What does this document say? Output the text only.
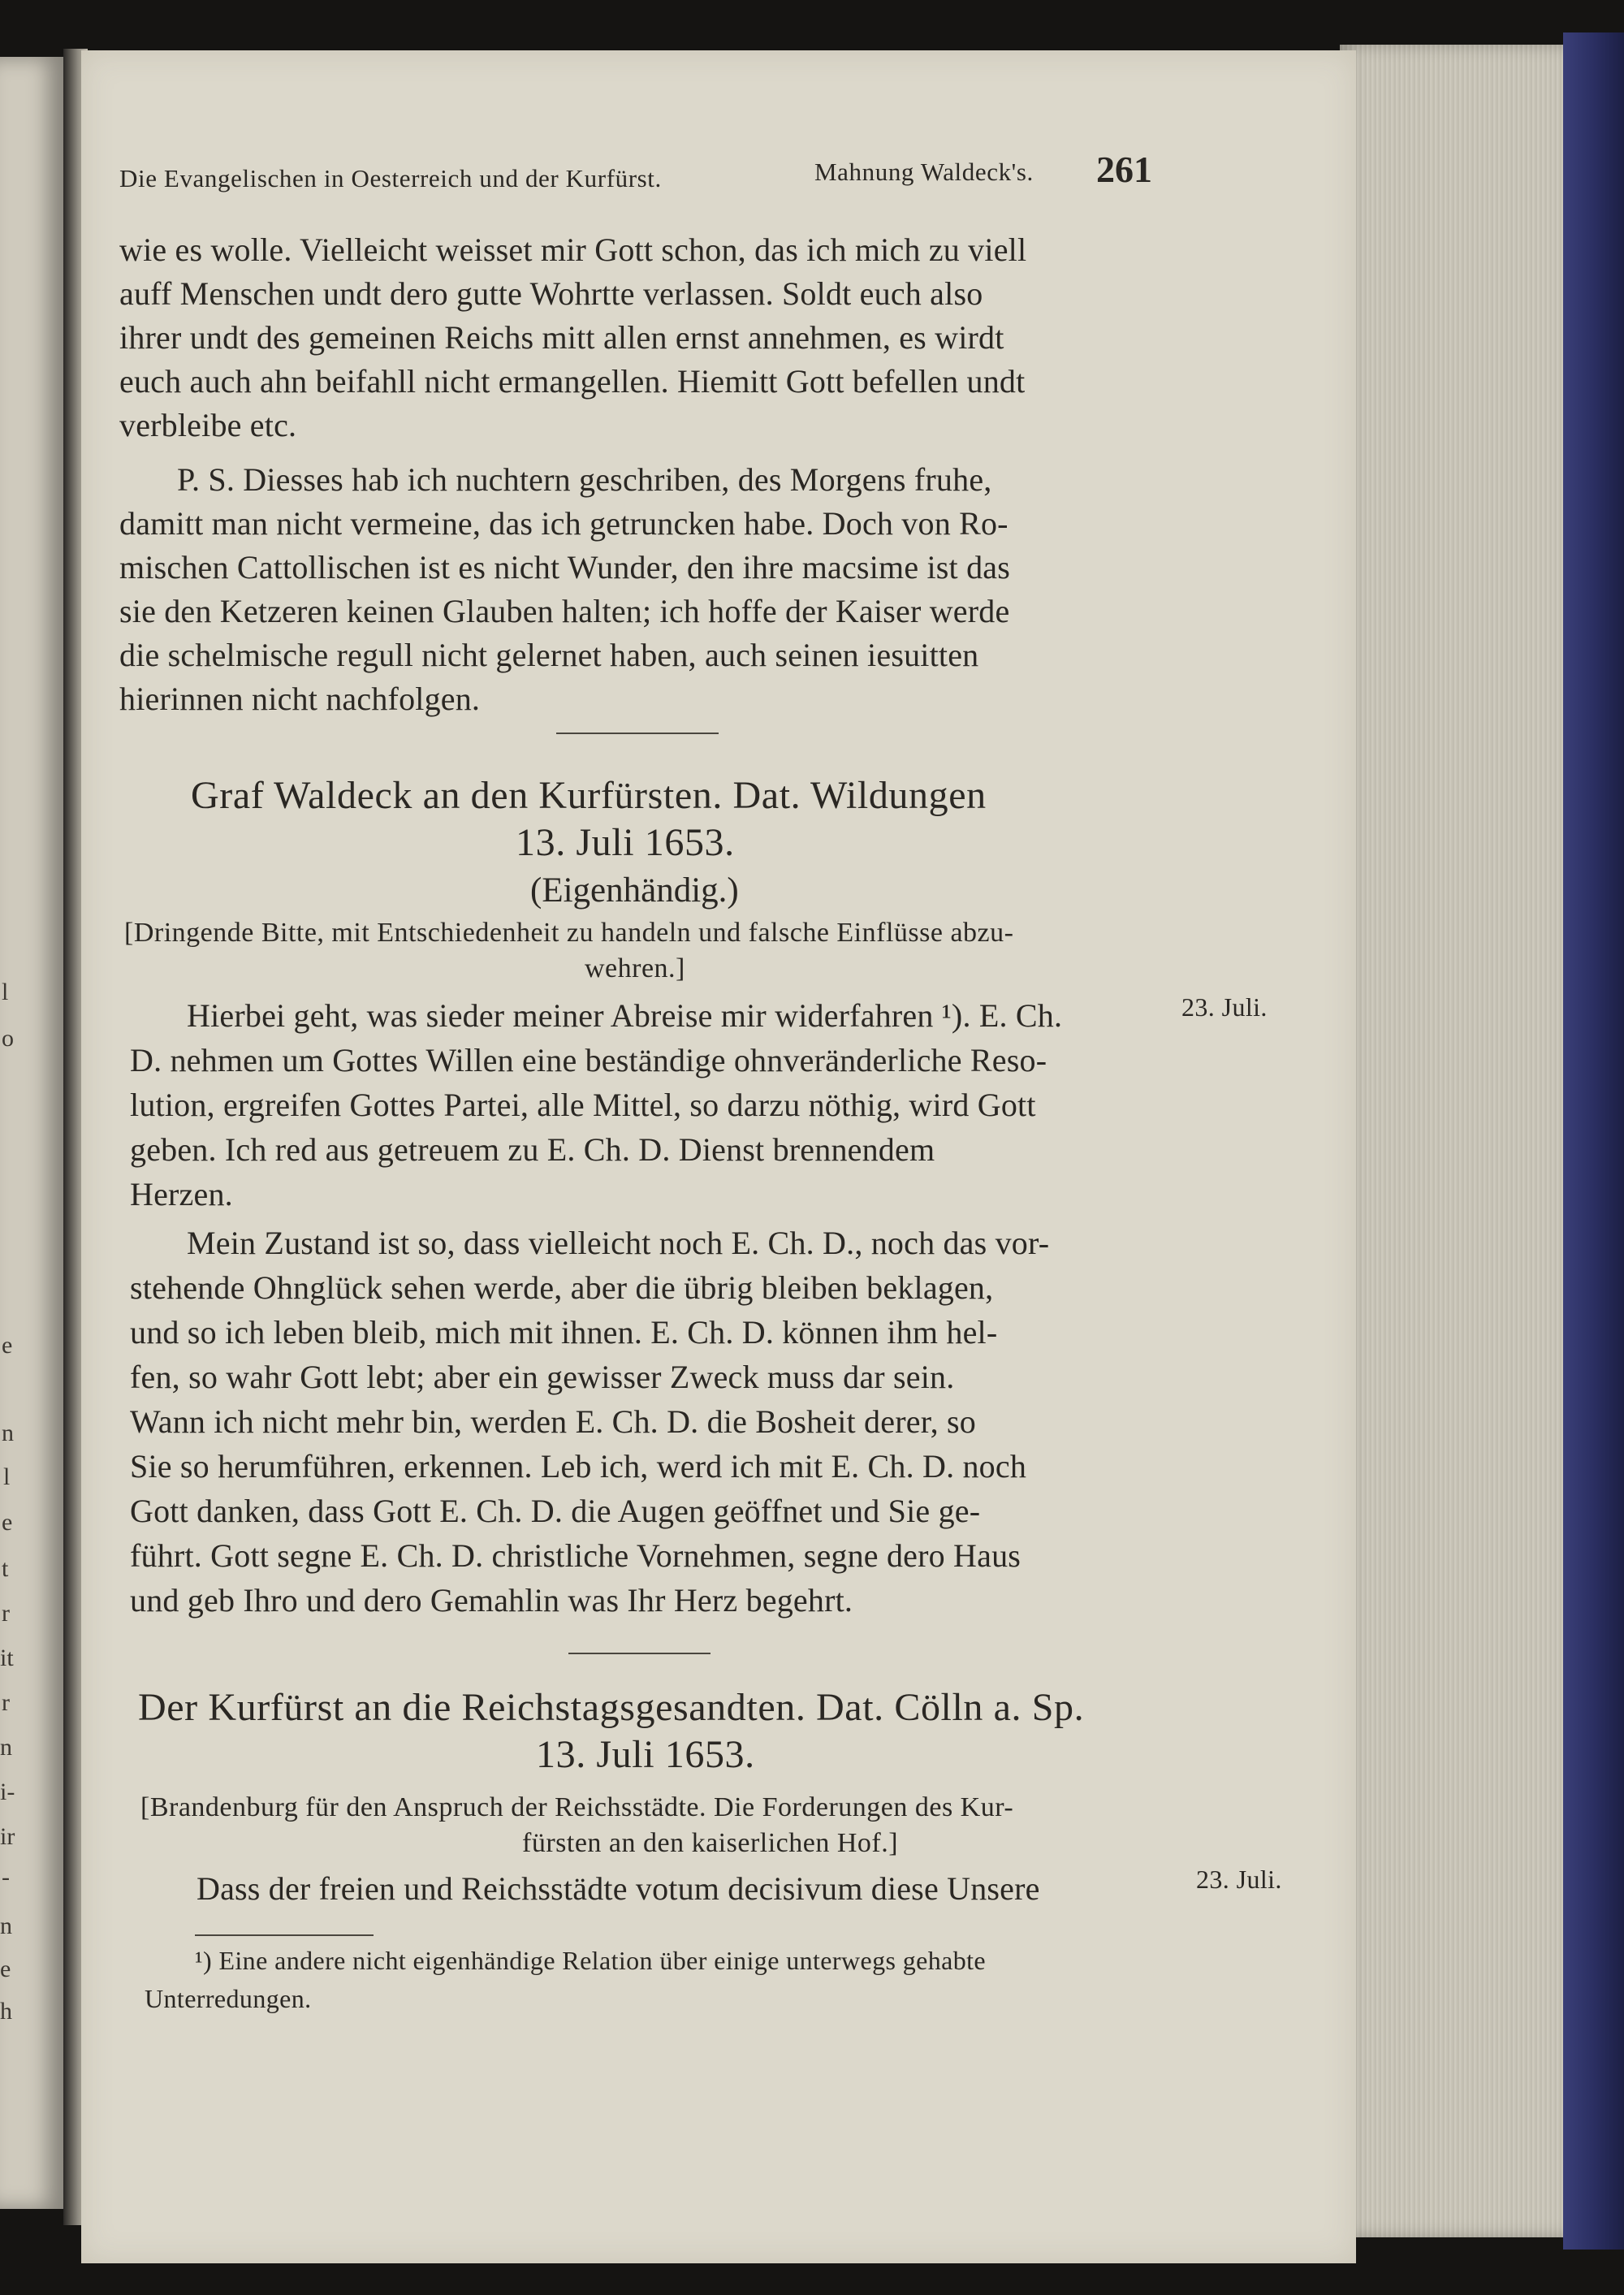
Die Evangelischen in Oesterreich und der Kurfürst.	Mahnung Waldeck's. 261
wie es wolle. Vielleicht weisset mir Gott schon, das ich mich zu viell
auff Menschen undt dero gutte Wohrtte verlassen. Soldt euch also
ihrer undt des gemeinen Reichs mitt allen ernst annehmen, es wirdt
euch auch ahn beifahll nicht ermangellen. Hiemitt Gott befellen undt
verbleibe etc.
P. S. Diesses hab ich nuchtern geschriben, des Morgens fruhe,
damitt man nicht vermeine, das ich getruncken habe. Doch von Ro-
mischen Cattollischen ist es nicht Wunder, den ihre macsime ist das
sie den Ketzeren keinen Glauben halten; ich hoffe der Kaiser werde
die schelmische regull nicht gelernet haben, auch seinen iesuitten
hierinnen nicht nachfolgen.
Graf Waldeck an den Kurfürsten. Dat. Wildungen
13. Juli 1653.
(Eigenhändig.)
[Dringende Bitte, mit Entschiedenheit zu handeln und falsche Einflüsse abzu-
wehren.]
23. Juli.
Hierbei geht, was sieder meiner Abreise mir widerfahren ¹). E. Ch.
D. nehmen um Gottes Willen eine beständige ohnveränderliche Reso-
lution, ergreifen Gottes Partei, alle Mittel, so darzu nöthig, wird Gott
geben. Ich red aus getreuem zu E. Ch. D. Dienst brennendem
Herzen.
Mein Zustand ist so, dass vielleicht noch E. Ch. D., noch das vor-
stehende Ohnglück sehen werde, aber die übrig bleiben beklagen,
und so ich leben bleib, mich mit ihnen. E. Ch. D. können ihm hel-
fen, so wahr Gott lebt; aber ein gewisser Zweck muss dar sein.
Wann ich nicht mehr bin, werden E. Ch. D. die Bosheit derer, so
Sie so herumführen, erkennen. Leb ich, werd ich mit E. Ch. D. noch
Gott danken, dass Gott E. Ch. D. die Augen geöffnet und Sie ge-
führt. Gott segne E. Ch. D. christliche Vornehmen, segne dero Haus
und geb Ihro und dero Gemahlin was Ihr Herz begehrt.
Der Kurfürst an die Reichstagsgesandten. Dat. Cölln a. Sp.
13. Juli 1653.
[Brandenburg für den Anspruch der Reichsstädte. Die Forderungen des Kur-
fürsten an den kaiserlichen Hof.]
Dass der freien und Reichsstädte votum decisivum diese Unsere	23. Juli.
¹) Eine andere nicht eigenhändige Relation über einige unterwegs gehabte
Unterredungen.
e
n
l
e
t
r
it
r
n
i-
ir
-
n
e
h
l
o
